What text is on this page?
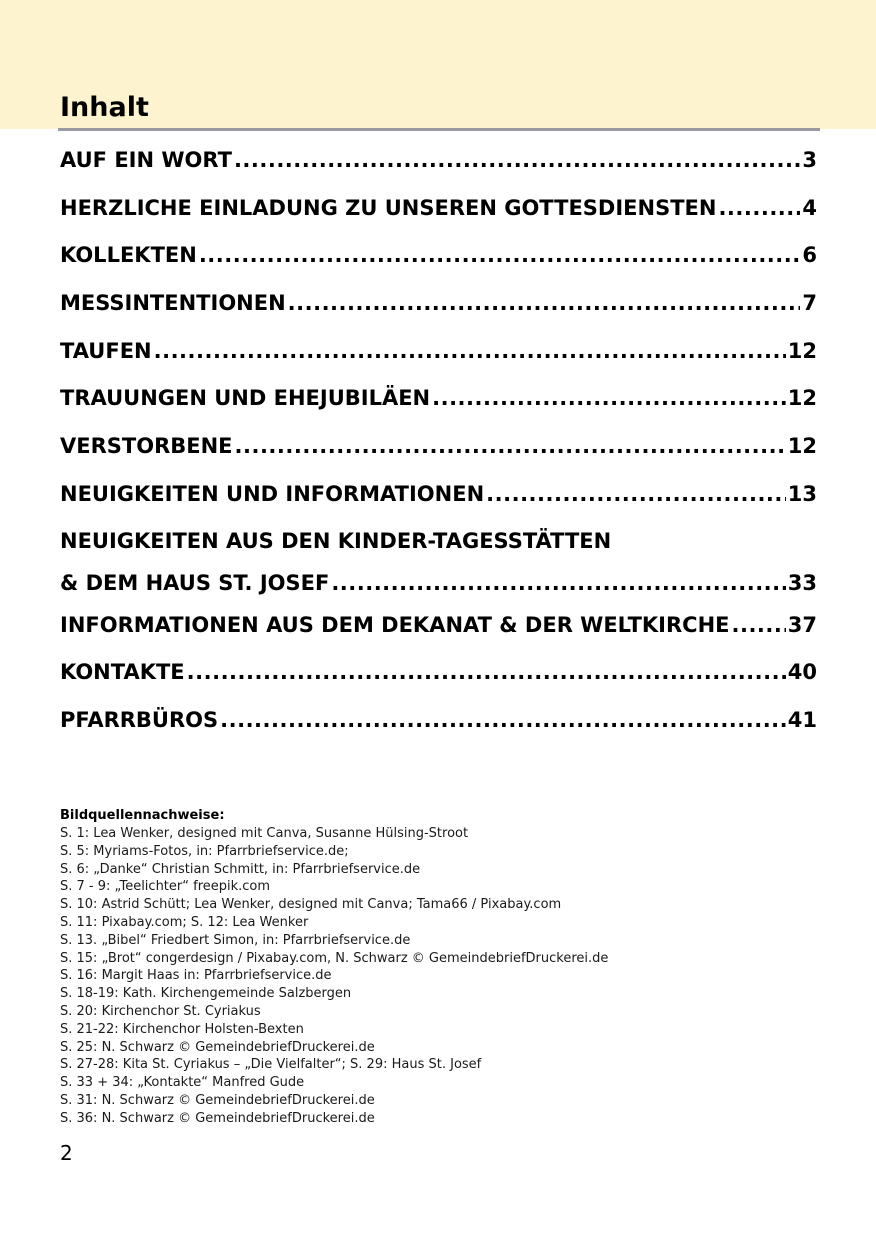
Inhalt
AUF EIN WORT .....	3
HERZLICHE EINLADUNG ZU UNSEREN GOTTESDIENSTEN .....	4
KOLLEKTEN .....	6
MESSINTENTIONEN .....	7
TAUFEN .....	12
TRAUUNGEN UND EHEJUBILÄEN .....	12
VERSTORBENE .....	12
NEUIGKEITEN UND INFORMATIONEN .....	13
NEUIGKEITEN AUS DEN KINDER-TAGESSTÄTTEN
& DEM HAUS ST. JOSEF .....	33
INFORMATIONEN AUS DEM DEKANAT & DER WELTKIRCHE .....	37
KONTAKTE .....	40
PFARRBÜROS .....	41

Bildquellennachweise:

S. 1: Lea Wenker, designed mit Canva, Susanne Hülsing-Stroot
S. 5: Myriams-Fotos, in: Pfarrbriefservice.de;
S. 6: „Danke“ Christian Schmitt, in: Pfarrbriefservice.de
S. 7 - 9: „Teelichter“ freepik.com
S. 10: Astrid Schütt; Lea Wenker, designed mit Canva; Tama66 / Pixabay.com
S. 11: Pixabay.com; S. 12: Lea Wenker
S. 13. „Bibel“ Friedbert Simon, in: Pfarrbriefservice.de
S. 15: „Brot“ congerdesign / Pixabay.com, N. Schwarz © GemeindebriefDruckerei.de
S. 16: Margit Haas in: Pfarrbriefservice.de
S. 18-19: Kath. Kirchengemeinde Salzbergen
S. 20: Kirchenchor St. Cyriakus
S. 21-22: Kirchenchor Holsten-Bexten
S. 25: N. Schwarz © GemeindebriefDruckerei.de
S. 27-28: Kita St. Cyriakus – „Die Vielfalter“; S. 29: Haus St. Josef
S. 33 + 34: „Kontakte“ Manfred Gude
S. 31: N. Schwarz © GemeindebriefDruckerei.de
S. 36: N. Schwarz © GemeindebriefDruckerei.de
2
